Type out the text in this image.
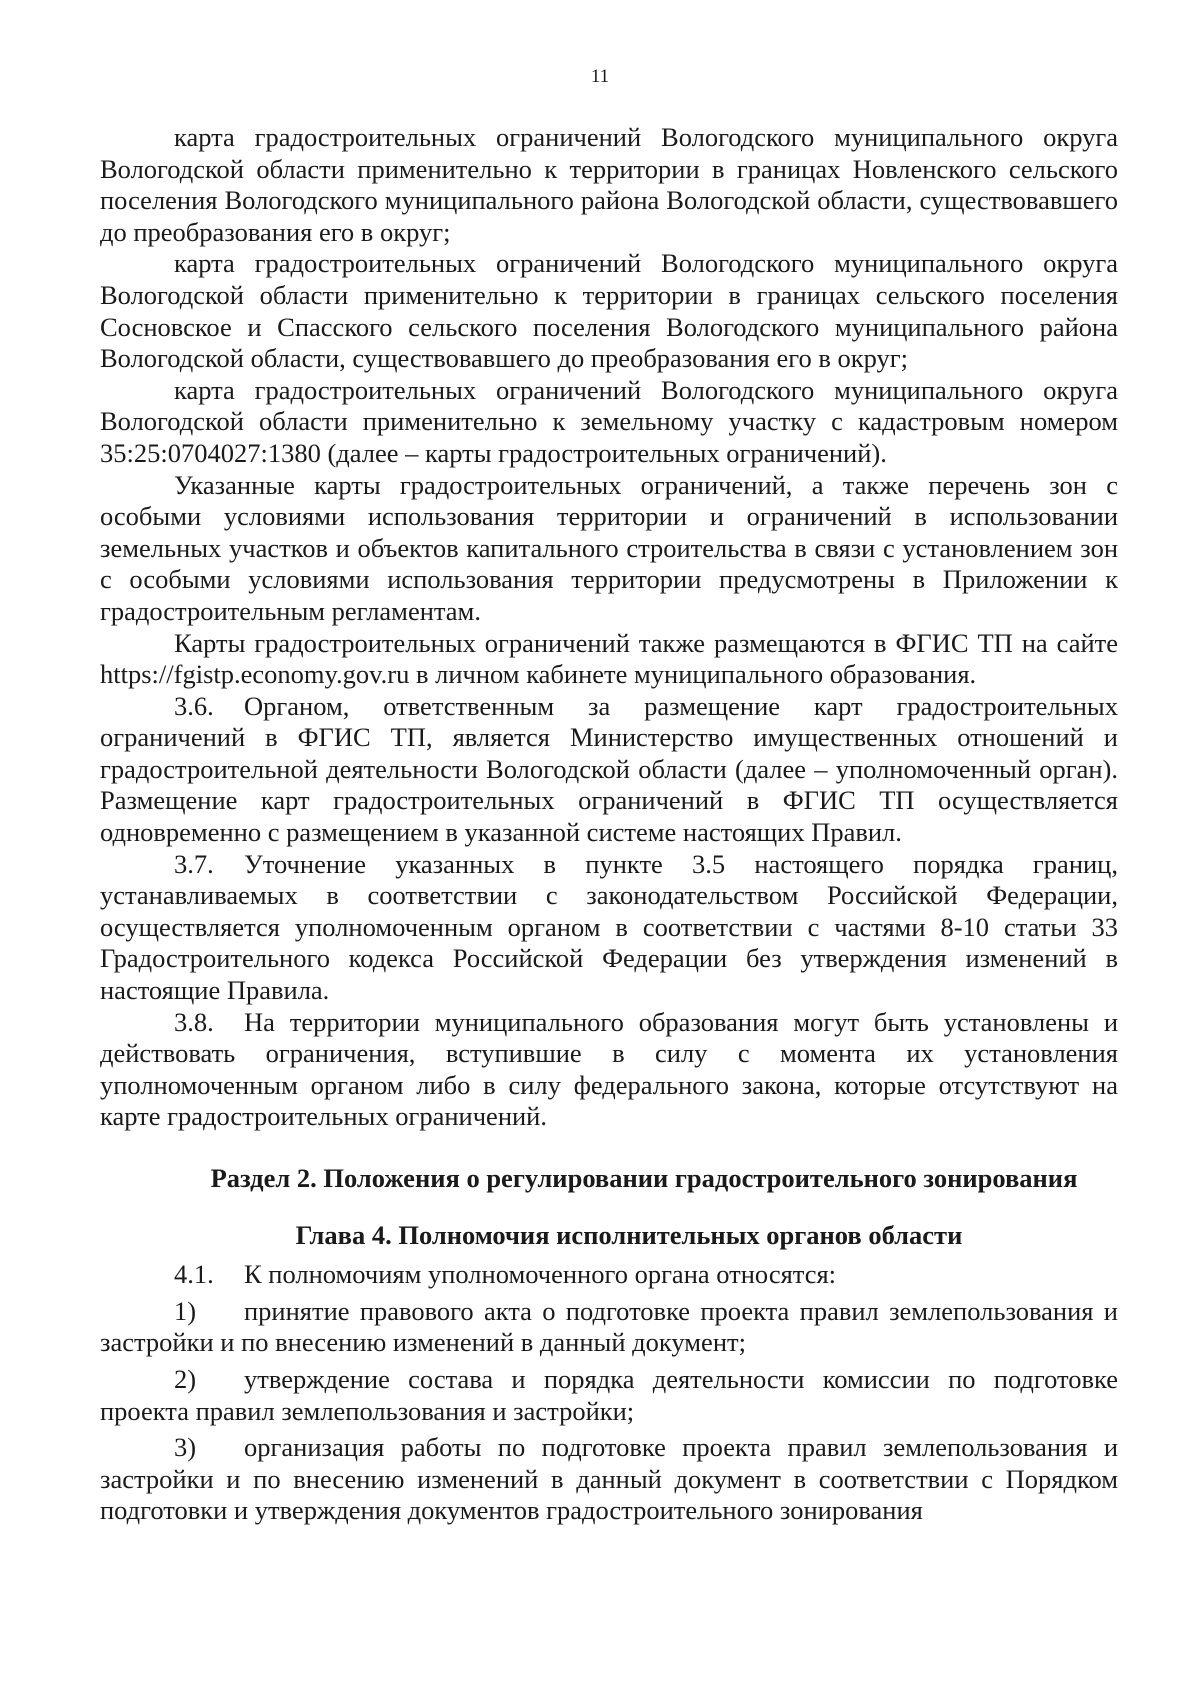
11

карта градостроительных ограничений Вологодского муниципального округа Вологодской области применительно к территории в границах Новленского сельского поселения Вологодского муниципального района Вологодской области, существовавшего до преобразования его в округ;

карта градостроительных ограничений Вологодского муниципального округа Вологодской области применительно к территории в границах сельского поселения Сосновское и Спасского сельского поселения Вологодского муниципального района Вологодской области, существовавшего до преобразования его в округ;

карта градостроительных ограничений Вологодского муниципального округа Вологодской области применительно к земельному участку с кадастровым номером 35:25:0704027:1380 (далее – карты градостроительных ограничений).

Указанные карты градостроительных ограничений, а также перечень зон с особыми условиями использования территории и ограничений в использовании земельных участков и объектов капитального строительства в связи с установлением зон с особыми условиями использования территории предусмотрены в Приложении к градостроительным регламентам.

Карты градостроительных ограничений также размещаются в ФГИС ТП на сайте https://fgistp.economy.gov.ru в личном кабинете муниципального образования.

3.6. Органом, ответственным за размещение карт градостроительных ограничений в ФГИС ТП, является Министерство имущественных отношений и градостроительной деятельности Вологодской области (далее – уполномоченный орган). Размещение карт градостроительных ограничений в ФГИС ТП осуществляется одновременно с размещением в указанной системе настоящих Правил.

3.7. Уточнение указанных в пункте 3.5 настоящего порядка границ, устанавливаемых в соответствии с законодательством Российской Федерации, осуществляется уполномоченным органом в соответствии с частями 8-10 статьи 33 Градостроительного кодекса Российской Федерации без утверждения изменений в настоящие Правила.

3.8. На территории муниципального образования могут быть установлены и действовать ограничения, вступившие в силу с момента их установления уполномоченным органом либо в силу федерального закона, которые отсутствуют на карте градостроительных ограничений.

Раздел 2. Положения о регулировании градостроительного зонирования
Глава 4. Полномочия исполнительных органов области

4.1. К полномочиям уполномоченного органа относятся:

1) принятие правового акта о подготовке проекта правил землепользования и застройки и по внесению изменений в данный документ;

2) утверждение состава и порядка деятельности комиссии по подготовке проекта правил землепользования и застройки;

3) организация работы по подготовке проекта правил землепользования и застройки и по внесению изменений в данный документ в соответствии с Порядком подготовки и утверждения документов градостроительного зонирования
